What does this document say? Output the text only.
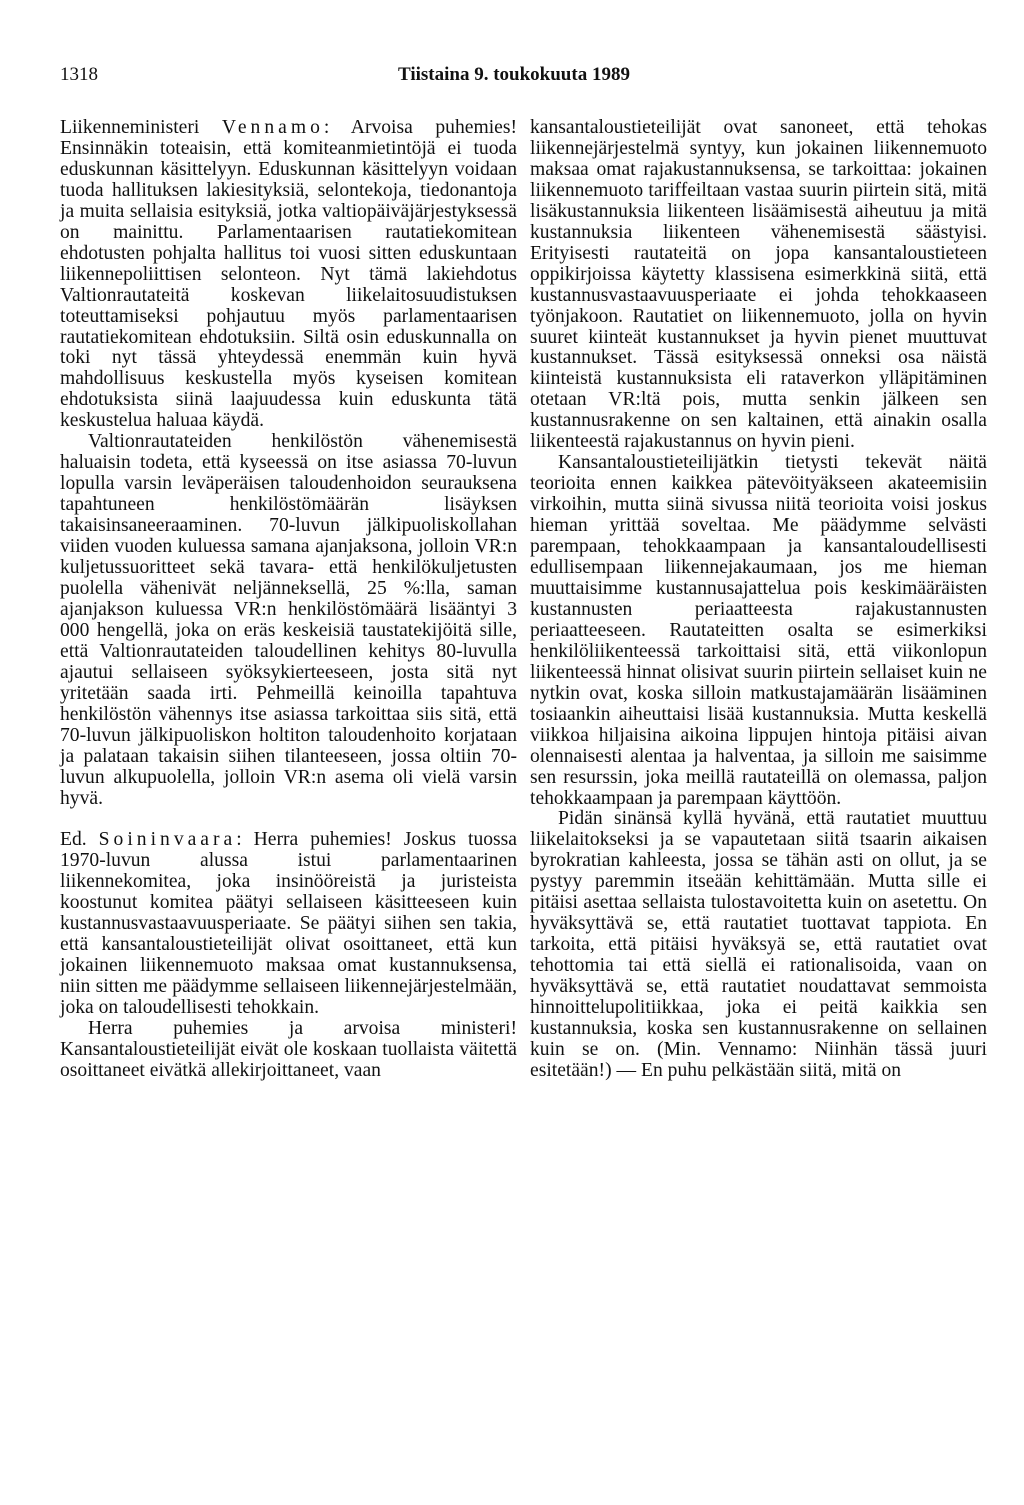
1318	Tiistaina 9. toukokuuta 1989

Liikenneministeri Vennamo: Arvoisa puhemies! Ensinnäkin toteaisin, että komiteanmietintöjä ei tuoda eduskunnan käsittelyyn. Eduskunnan käsittelyyn voidaan tuoda hallituksen lakiesityksiä, selontekoja, tiedonantoja ja muita sellaisia esityksiä, jotka valtiopäiväjärjestyksessä on mainittu. Parlamentaarisen rautatiekomitean ehdotusten pohjalta hallitus toi vuosi sitten eduskuntaan liikennepoliittisen selonteon. Nyt tämä lakiehdotus Valtionrautateitä koskevan liikelaitosuudistuksen toteuttamiseksi pohjautuu myös parlamentaarisen rautatiekomitean ehdotuksiin. Siltä osin eduskunnalla on toki nyt tässä yhteydessä enemmän kuin hyvä mahdollisuus keskustella myös kyseisen komitean ehdotuksista siinä laajuudessa kuin eduskunta tätä keskustelua haluaa käydä.

Valtionrautateiden henkilöstön vähenemisestä haluaisin todeta, että kyseessä on itse asiassa 70-luvun lopulla varsin leväperäisen taloudenhoidon seurauksena tapahtuneen henkilöstömäärän lisäyksen takaisinsaneeraaminen. 70-luvun jälkipuoliskollahan viiden vuoden kuluessa samana ajanjaksona, jolloin VR:n kuljetussuoritteet sekä tavara- että henkilökuljetusten puolella vähenivät neljänneksellä, 25 %:lla, saman ajanjakson kuluessa VR:n henkilöstömäärä lisääntyi 3 000 hengellä, joka on eräs keskeisiä taustatekijöitä sille, että Valtionrautateiden taloudellinen kehitys 80-luvulla ajautui sellaiseen syöksykierteeseen, josta sitä nyt yritetään saada irti. Pehmeillä keinoilla tapahtuva henkilöstön vähennys itse asiassa tarkoittaa siis sitä, että 70-luvun jälkipuoliskon holtiton taloudenhoito korjataan ja palataan takaisin siihen tilanteeseen, jossa oltiin 70-luvun alkupuolella, jolloin VR:n asema oli vielä varsin hyvä.

Ed. Soininvaara: Herra puhemies! Joskus tuossa 1970-luvun alussa istui parlamentaarinen liikennekomitea, joka insinööreistä ja juristeista koostunut komitea päätyi sellaiseen käsitteeseen kuin kustannusvastaavuusperiaate. Se päätyi siihen sen takia, että kansantaloustieteilijät olivat osoittaneet, että kun jokainen liikennemuoto maksaa omat kustannuksensa, niin sitten me päädymme sellaiseen liikennejärjestelmään, joka on taloudellisesti tehokkain.

Herra puhemies ja arvoisa ministeri! Kansantaloustieteilijät eivät ole koskaan tuollaista väitettä osoittaneet eivätkä allekirjoittaneet, vaan

kansantaloustieteilijät ovat sanoneet, että tehokas liikennejärjestelmä syntyy, kun jokainen liikennemuoto maksaa omat rajakustannuksensa, se tarkoittaa: jokainen liikennemuoto tariffeiltaan vastaa suurin piirtein sitä, mitä lisäkustannuksia liikenteen lisäämisestä aiheutuu ja mitä kustannuksia liikenteen vähenemisestä säästyisi. Erityisesti rautateitä on jopa kansantaloustieteen oppikirjoissa käytetty klassisena esimerkkinä siitä, että kustannusvastaavuusperiaate ei johda tehokkaaseen työnjakoon. Rautatiet on liikennemuoto, jolla on hyvin suuret kiinteät kustannukset ja hyvin pienet muuttuvat kustannukset. Tässä esityksessä onneksi osa näistä kiinteistä kustannuksista eli rataverkon ylläpitäminen otetaan VR:ltä pois, mutta senkin jälkeen sen kustannusrakenne on sen kaltainen, että ainakin osalla liikenteestä rajakustannus on hyvin pieni.

Kansantaloustieteilijätkin tietysti tekevät näitä teorioita ennen kaikkea pätevöityäkseen akateemisiin virkoihin, mutta siinä sivussa niitä teorioita voisi joskus hieman yrittää soveltaa. Me päädymme selvästi parempaan, tehokkaampaan ja kansantaloudellisesti edullisempaan liikennejakaumaan, jos me hieman muuttaisimme kustannusajattelua pois keskimääräisten kustannusten periaatteesta rajakustannusten periaatteeseen. Rautateitten osalta se esimerkiksi henkilöliikenteessä tarkoittaisi sitä, että viikonlopun liikenteessä hinnat olisivat suurin piirtein sellaiset kuin ne nytkin ovat, koska silloin matkustajamäärän lisääminen tosiaankin aiheuttaisi lisää kustannuksia. Mutta keskellä viikkoa hiljaisina aikoina lippujen hintoja pitäisi aivan olennaisesti alentaa ja halventaa, ja silloin me saisimme sen resurssin, joka meillä rautateillä on olemassa, paljon tehokkaampaan ja parempaan käyttöön.

Pidän sinänsä kyllä hyvänä, että rautatiet muuttuu liikelaitokseksi ja se vapautetaan siitä tsaarin aikaisen byrokratian kahleesta, jossa se tähän asti on ollut, ja se pystyy paremmin itseään kehittämään. Mutta sille ei pitäisi asettaa sellaista tulostavoitetta kuin on asetettu. On hyväksyttävä se, että rautatiet tuottavat tappiota. En tarkoita, että pitäisi hyväksyä se, että rautatiet ovat tehottomia tai että siellä ei rationalisoida, vaan on hyväksyttävä se, että rautatiet noudattavat semmoista hinnoittelupolitiikkaa, joka ei peitä kaikkia sen kustannuksia, koska sen kustannusrakenne on sellainen kuin se on. (Min. Vennamo: Niinhän tässä juuri esitetään!) — En puhu pelkästään siitä, mitä on
